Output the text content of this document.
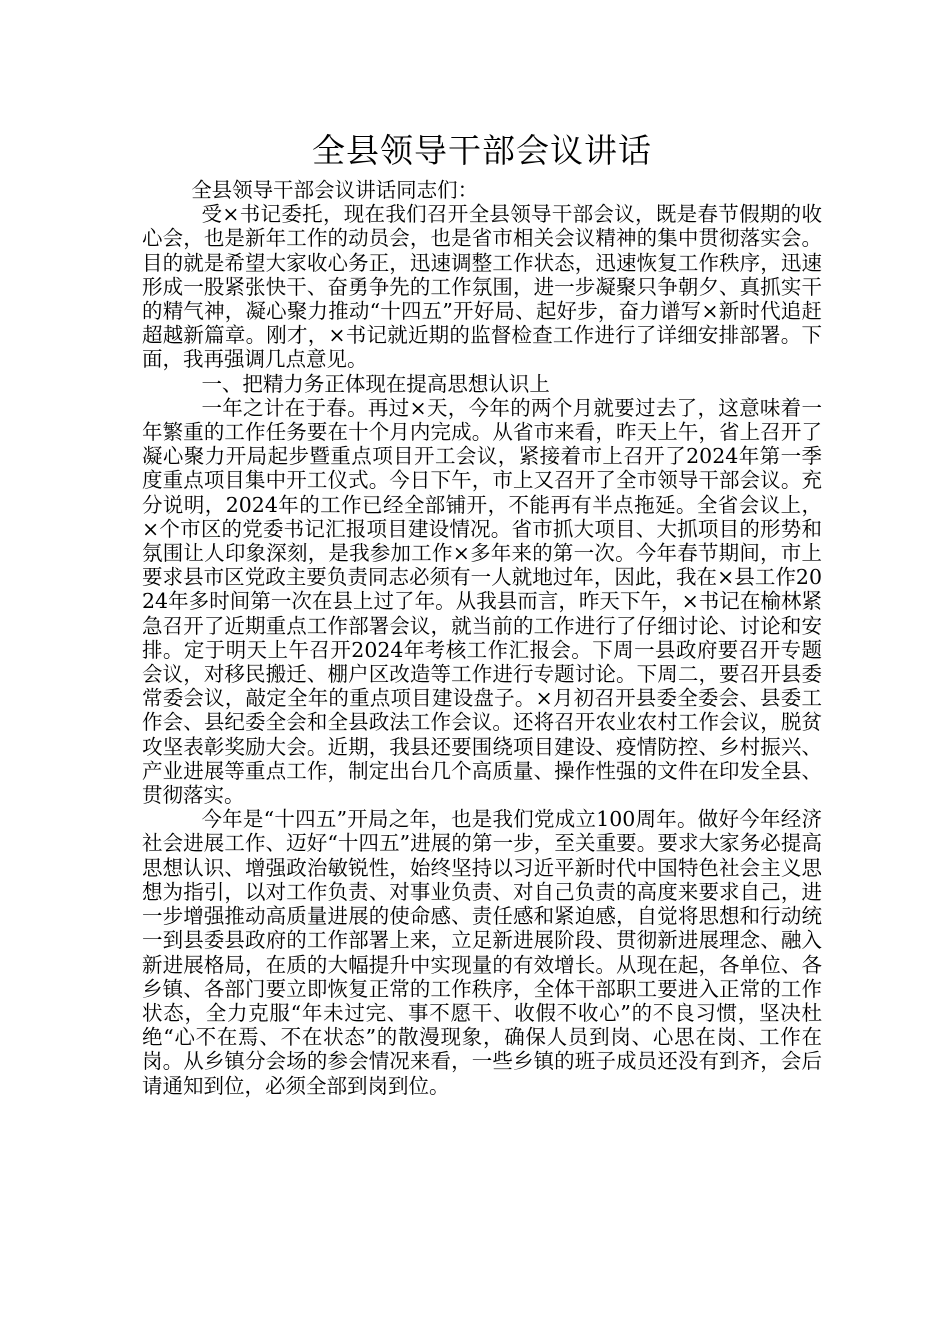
全县领导干部会议讲话

全县领导干部会议讲话同志们：

受×书记委托，现在我们召开全县领导干部会议，既是春节假期的收心会，也是新年工作的动员会，也是省市相关会议精神的集中贯彻落实会。目的就是希望大家收心务正，迅速调整工作状态，迅速恢复工作秩序，迅速形成一股紧张快干、奋勇争先的工作氛围，进一步凝聚只争朝夕、真抓实干的精气神，凝心聚力推动“十四五”开好局、起好步，奋力谱写×新时代追赶超越新篇章。刚才，×书记就近期的监督检查工作进行了详细安排部署。下面，我再强调几点意见。

一、把精力务正体现在提高思想认识上

一年之计在于春。再过×天，今年的两个月就要过去了，这意味着一年繁重的工作任务要在十个月内完成。从省市来看，昨天上午，省上召开了凝心聚力开局起步暨重点项目开工会议，紧接着市上召开了2024年第一季度重点项目集中开工仪式。今日下午，市上又召开了全市领导干部会议。充分说明，2024年的工作已经全部铺开，不能再有半点拖延。全省会议上，×个市区的党委书记汇报项目建设情况。省市抓大项目、大抓项目的形势和氛围让人印象深刻，是我参加工作×多年来的第一次。今年春节期间，市上要求县市区党政主要负责同志必须有一人就地过年，因此，我在×县工作2024年多时间第一次在县上过了年。从我县而言，昨天下午，×书记在榆林紧急召开了近期重点工作部署会议，就当前的工作进行了仔细讨论、讨论和安排。定于明天上午召开2024年考核工作汇报会。下周一县政府要召开专题会议，对移民搬迁、棚户区改造等工作进行专题讨论。下周二，要召开县委常委会议，敲定全年的重点项目建设盘子。×月初召开县委全委会、县委工作会、县纪委全会和全县政法工作会议。还将召开农业农村工作会议，脱贫攻坚表彰奖励大会。近期，我县还要围绕项目建设、疫情防控、乡村振兴、产业进展等重点工作，制定出台几个高质量、操作性强的文件在印发全县、贯彻落实。

今年是“十四五”开局之年，也是我们党成立100周年。做好今年经济社会进展工作、迈好“十四五”进展的第一步，至关重要。要求大家务必提高思想认识、增强政治敏锐性，始终坚持以习近平新时代中国特色社会主义思想为指引，以对工作负责、对事业负责、对自己负责的高度来要求自己，进一步增强推动高质量进展的使命感、责任感和紧迫感，自觉将思想和行动统一到县委县政府的工作部署上来，立足新进展阶段、贯彻新进展理念、融入新进展格局，在质的大幅提升中实现量的有效增长。从现在起，各单位、各乡镇、各部门要立即恢复正常的工作秩序，全体干部职工要进入正常的工作状态，全力克服“年未过完、事不愿干、收假不收心”的不良习惯，坚决杜绝“心不在焉、不在状态”的散漫现象，确保人员到岗、心思在岗、工作在岗。从乡镇分会场的参会情况来看，一些乡镇的班子成员还没有到齐，会后请通知到位，必须全部到岗到位。
